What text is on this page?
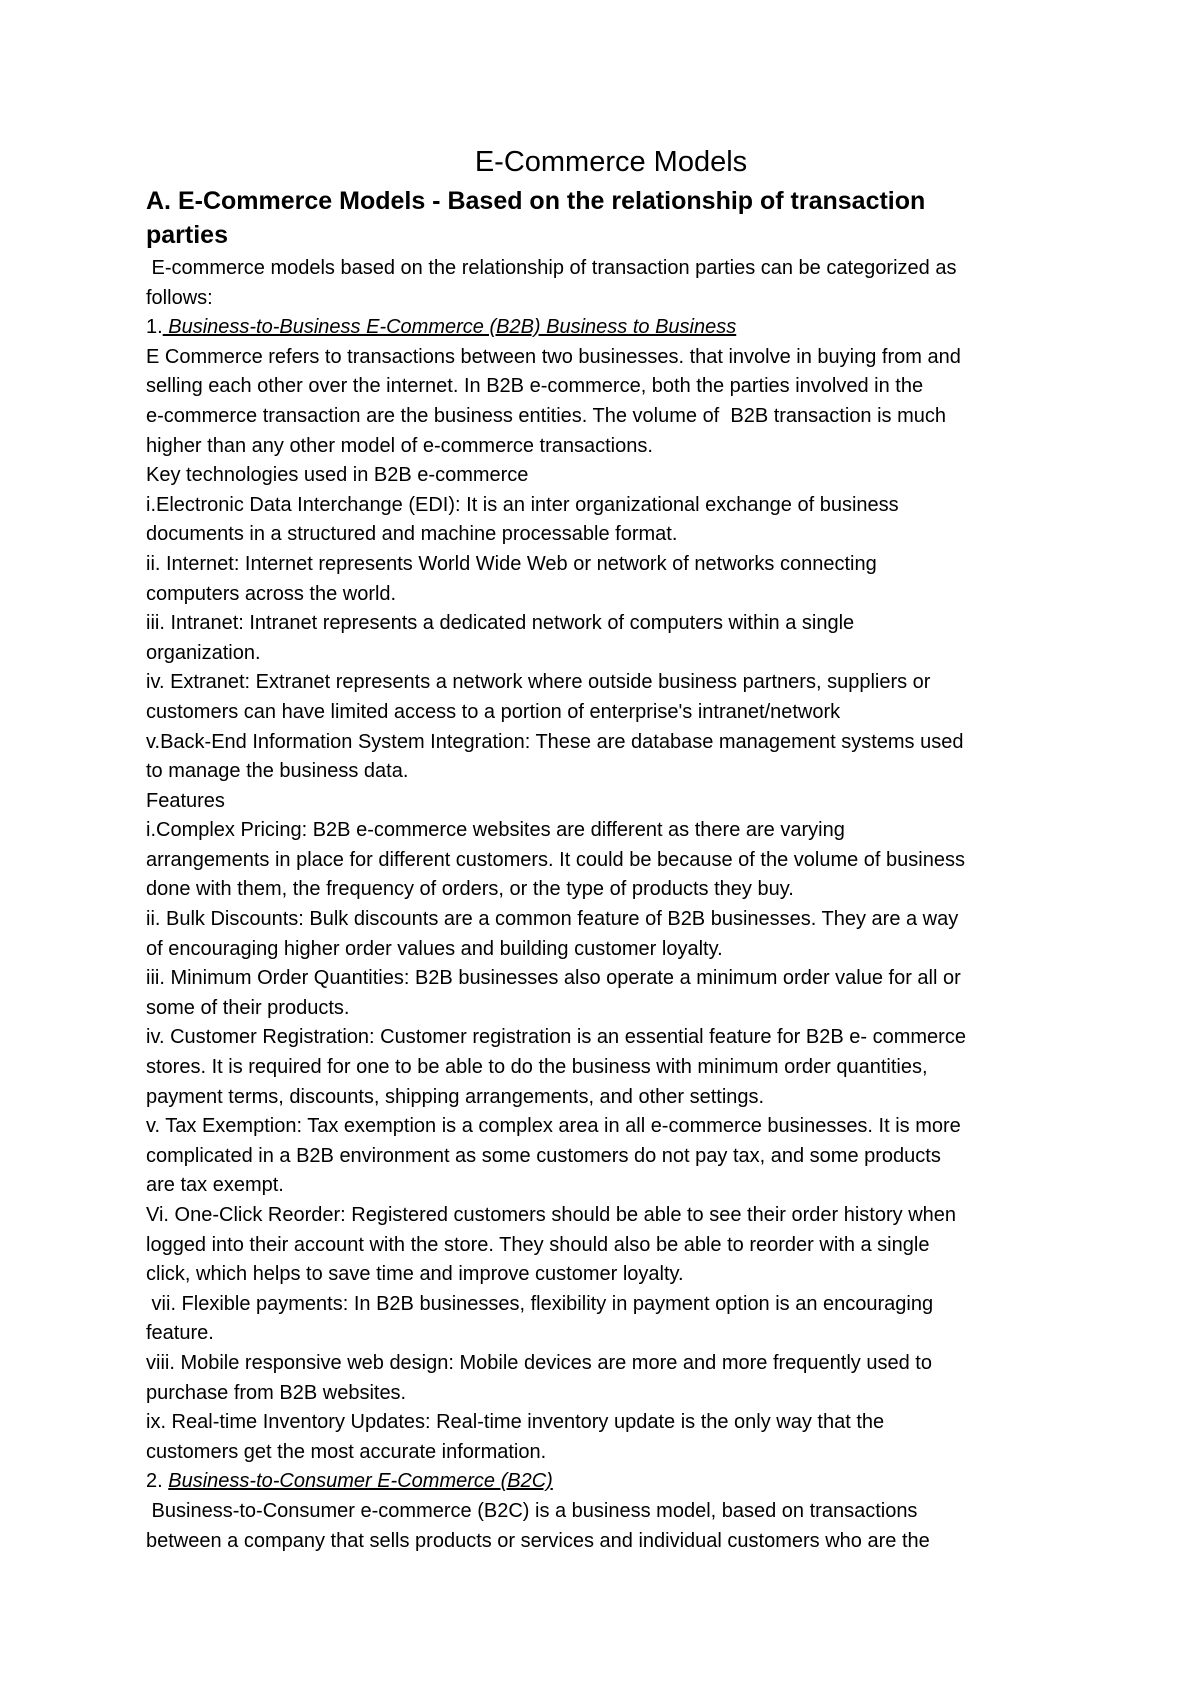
E-Commerce Models
A. E-Commerce Models - Based on the relationship of transaction
parties

E-commerce models based on the relationship of transaction parties can be categorized as

follows:

1. Business-to-Business E-Commerce (B2B) Business to Business

E Commerce refers to transactions between two businesses. that involve in buying from and

selling each other over the internet. In B2B e-commerce, both the parties involved in the

e-commerce transaction are the business entities. The volume of  B2B transaction is much

higher than any other model of e-commerce transactions.

Key technologies used in B2B e-commerce

i.Electronic Data Interchange (EDI): It is an inter organizational exchange of business

documents in a structured and machine processable format.

ii. Internet: Internet represents World Wide Web or network of networks connecting

computers across the world.

iii. Intranet: Intranet represents a dedicated network of computers within a single

organization.

iv. Extranet: Extranet represents a network where outside business partners, suppliers or

customers can have limited access to a portion of enterprise's intranet/network

v.Back-End Information System Integration: These are database management systems used

to manage the business data.

Features

i.Complex Pricing: B2B e-commerce websites are different as there are varying

arrangements in place for different customers. It could be because of the volume of business

done with them, the frequency of orders, or the type of products they buy.

ii. Bulk Discounts: Bulk discounts are a common feature of B2B businesses. They are a way

of encouraging higher order values and building customer loyalty.

iii. Minimum Order Quantities: B2B businesses also operate a minimum order value for all or

some of their products.

iv. Customer Registration: Customer registration is an essential feature for B2B e- commerce

stores. It is required for one to be able to do the business with minimum order quantities,

payment terms, discounts, shipping arrangements, and other settings.

v. Tax Exemption: Tax exemption is a complex area in all e-commerce businesses. It is more

complicated in a B2B environment as some customers do not pay tax, and some products

are tax exempt.

Vi. One-Click Reorder: Registered customers should be able to see their order history when

logged into their account with the store. They should also be able to reorder with a single

click, which helps to save time and improve customer loyalty.

vii. Flexible payments: In B2B businesses, flexibility in payment option is an encouraging

feature.

viii. Mobile responsive web design: Mobile devices are more and more frequently used to

purchase from B2B websites.

ix. Real-time Inventory Updates: Real-time inventory update is the only way that the

customers get the most accurate information.

2. Business-to-Consumer E-Commerce (B2C)

Business-to-Consumer e-commerce (B2C) is a business model, based on transactions

between a company that sells products or services and individual customers who are the
